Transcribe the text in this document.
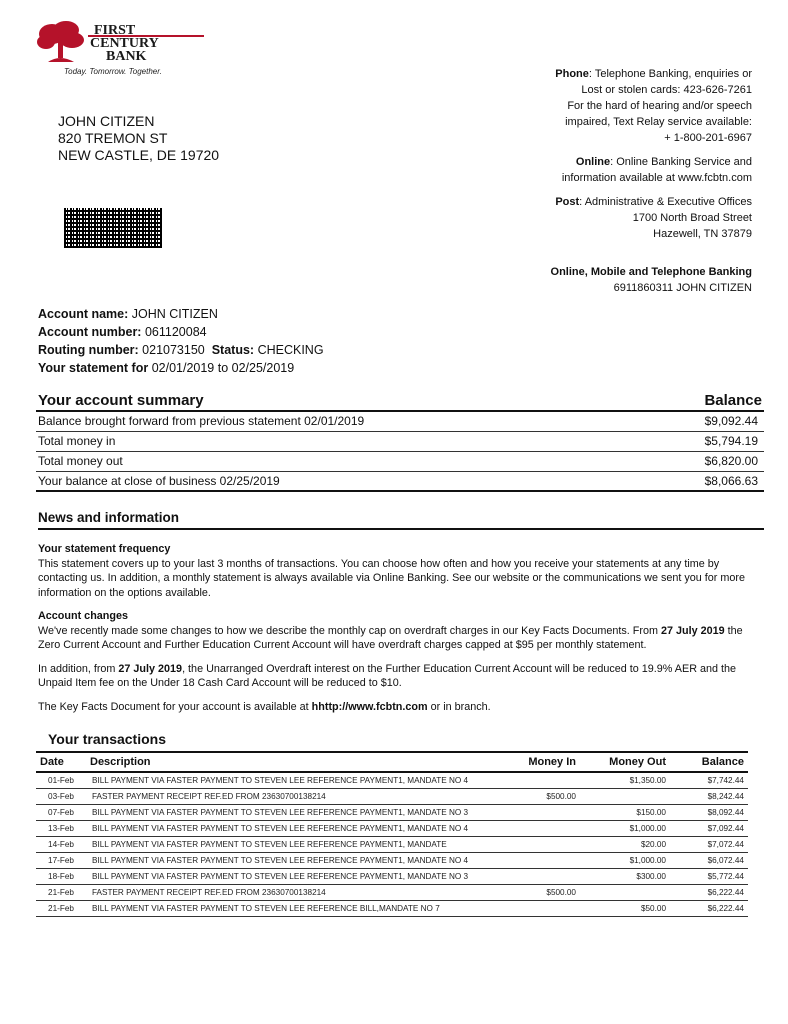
FIRST
CENTURY
BANK
Today. Tomorrow. Together.
JOHN CITIZEN
820 TREMON ST
NEW CASTLE, DE 19720
Phone: Telephone Banking, enquiries or
Lost or stolen cards: 423-626-7261
For the hard of hearing and/or speech
impaired, Text Relay service available:
+ 1-800-201-6967
Online: Online Banking Service and
information available at www.fcbtn.com
Post: Administrative & Executive Offices
1700 North Broad Street
Hazewell, TN 37879
Online, Mobile and Telephone Banking
6911860311 JOHN CITIZEN
Account name: JOHN CITIZEN
Account number: 061120084
Routing number: 021073150 Status: CHECKING
Your statement for 02/01/2019 to 02/25/2019
Your account summary	Balance
Balance brought forward from previous statement 02/01/2019	$9,092.44
Total money in	$5,794.19
Total money out	$6,820.00
Your balance at close of business 02/25/2019	$8,066.63
News and information
Your statement frequency

This statement covers up to your last 3 months of transactions. You can choose how often and how you receive your statements at any time by contacting us. In addition, a monthly statement is always available via Online Banking. See our website or the communications we sent you for more information on the options available.

Account changes

We've recently made some changes to how we describe the monthly cap on overdraft charges in our Key Facts Documents. From 27 July 2019 the Zero Current Account and Further Education Current Account will have overdraft charges capped at $95 per monthly statement.

In addition, from 27 July 2019, the Unarranged Overdraft interest on the Further Education Current Account will be reduced to 19.9% AER and the Unpaid Item fee on the Under 18 Cash Card Account will be reduced to $10.

The Key Facts Document for your account is available at hhttp://www.fcbtn.com or in branch.

Your transactions
Date	Description	Money In	Money Out	Balance
01-Feb	BILL PAYMENT VIA FASTER PAYMENT TO STEVEN LEE REFERENCE PAYMENT1, MANDATE NO 4		$1,350.00	$7,742.44
03-Feb	FASTER PAYMENT RECEIPT REF.ED FROM 23630700138214	$500.00		$8,242.44
07-Feb	BILL PAYMENT VIA FASTER PAYMENT TO STEVEN LEE REFERENCE PAYMENT1, MANDATE NO 3		$150.00	$8,092.44
13-Feb	BILL PAYMENT VIA FASTER PAYMENT TO STEVEN LEE REFERENCE PAYMENT1, MANDATE NO 4		$1,000.00	$7,092.44
14-Feb	BILL PAYMENT VIA FASTER PAYMENT TO STEVEN LEE REFERENCE PAYMENT1, MANDATE		$20.00	$7,072.44
17-Feb	BILL PAYMENT VIA FASTER PAYMENT TO STEVEN LEE REFERENCE PAYMENT1, MANDATE NO 4		$1,000.00	$6,072.44
18-Feb	BILL PAYMENT VIA FASTER PAYMENT TO STEVEN LEE REFERENCE PAYMENT1, MANDATE NO 3		$300.00	$5,772.44
21-Feb	FASTER PAYMENT RECEIPT REF.ED FROM 23630700138214	$500.00		$6,222.44
21-Feb	BILL PAYMENT VIA FASTER PAYMENT TO STEVEN LEE REFERENCE BILL,MANDATE NO 7		$50.00	$6,222.44
